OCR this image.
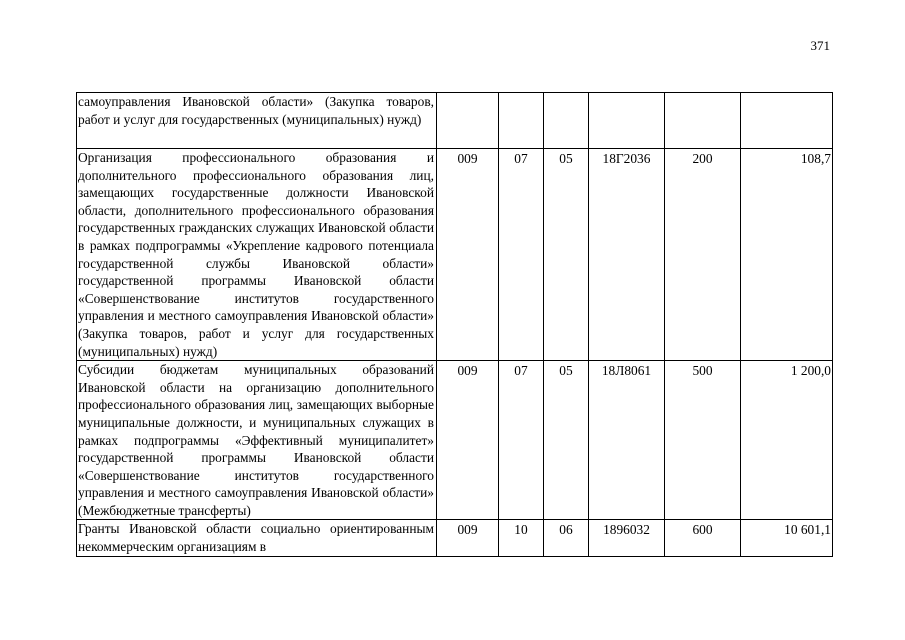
371
самоуправления Ивановской области» (Закупка товаров, работ и услуг для государственных (муниципальных) нужд)						
Организация профессионального образования и дополнительного профессионального образования лиц, замещающих государственные должности Ивановской области, дополнительного профессионального образования государственных гражданских служащих Ивановской области в рамках подпрограммы «Укрепление кадрового потенциала государственной службы Ивановской области» государственной программы Ивановской области «Совершенствование институтов государственного управления и местного самоуправления Ивановской области» (Закупка товаров, работ и услуг для государственных (муниципальных) нужд)	009	07	05	18Г2036	200	108,7
Субсидии бюджетам муниципальных образований Ивановской области на организацию дополнительного профессионального образования лиц, замещающих выборные муниципальные должности, и муниципальных служащих в рамках подпрограммы «Эффективный муниципалитет» государственной программы Ивановской области «Совершенствование институтов государственного управления и местного самоуправления Ивановской области» (Межбюджетные трансферты)	009	07	05	18Л8061	500	1 200,0
Гранты Ивановской области социально ориентированным некоммерческим организациям в	009	10	06	1896032	600	10 601,1
